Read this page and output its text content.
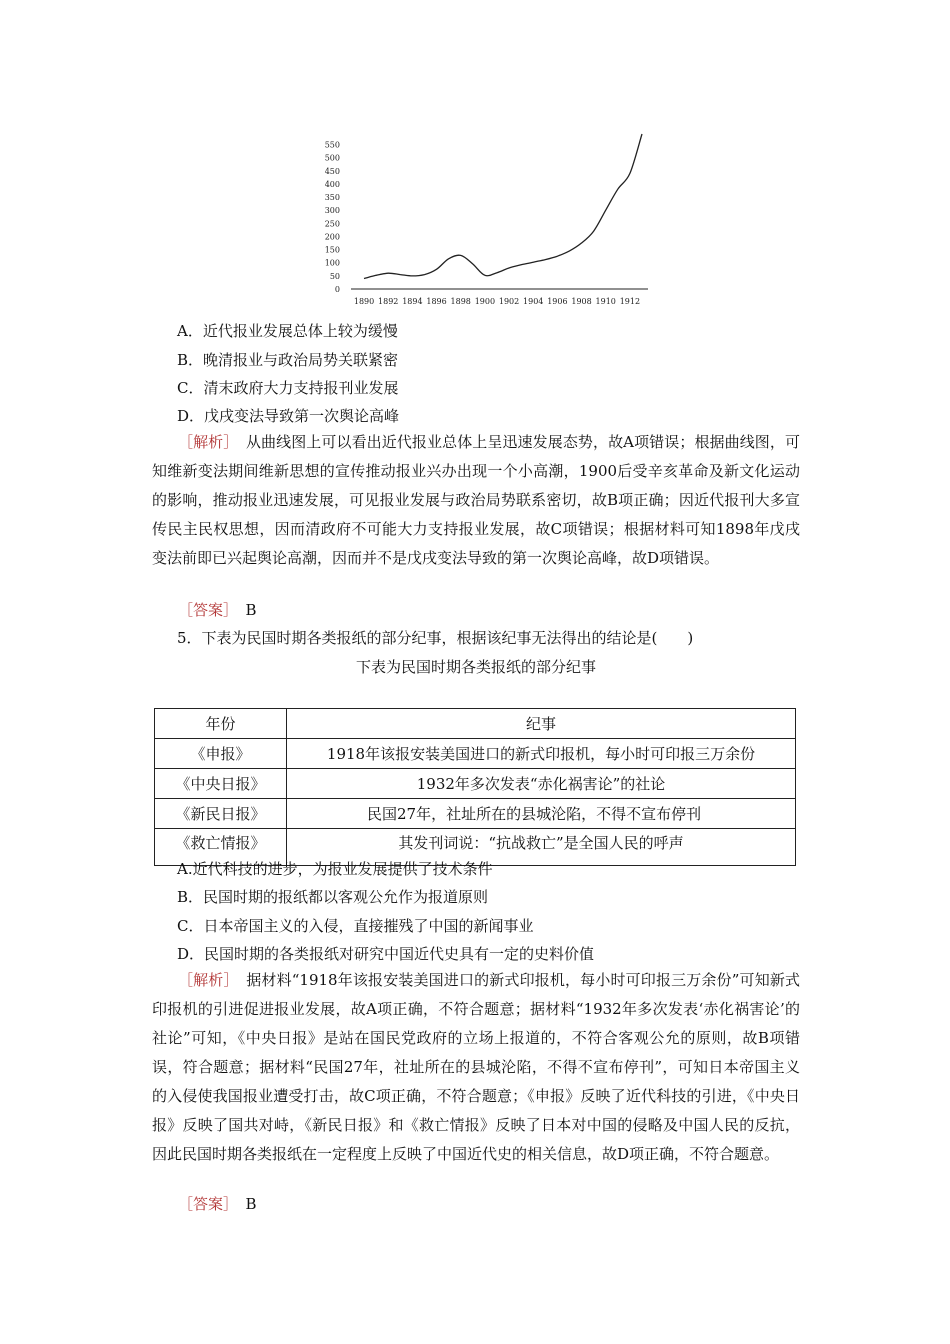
0
50
100
150
200
250
300
350
400
450
500
550
1890 1892 1894 1896 1898 1900 1902 1904 1906 1908 1910 1912
A．近代报业发展总体上较为缓慢
B．晚清报业与政治局势关联紧密
C．清末政府大力支持报刊业发展
D．戊戌变法导致第一次舆论高峰
［解析］　从曲线图上可以看出近代报业总体上呈迅速发展态势，故A项错误；根据曲线图，可知维新变法期间维新思想的宣传推动报业兴办出现一个小高潮，1900后受辛亥革命及新文化运动的影响，推动报业迅速发展，可见报业发展与政治局势联系密切，故B项正确；因近代报刊大多宣传民主民权思想，因而清政府不可能大力支持报业发展，故C项错误；根据材料可知1898年戊戌变法前即已兴起舆论高潮，因而并不是戊戌变法导致的第一次舆论高峰，故D项错误。
［答案］　B
5．下表为民国时期各类报纸的部分纪事，根据该纪事无法得出的结论是(　　)
下表为民国时期各类报纸的部分纪事
年份	纪事
《申报》	1918年该报安装美国进口的新式印报机，每小时可印报三万余份
《中央日报》	1932年多次发表“赤化祸害论”的社论
《新民日报》	民国27年，社址所在的县城沦陷，不得不宣布停刊
《救亡情报》	其发刊词说：“抗战救亡”是全国人民的呼声
A.近代科技的进步，为报业发展提供了技术条件
B．民国时期的报纸都以客观公允作为报道原则
C．日本帝国主义的入侵，直接摧残了中国的新闻事业
D．民国时期的各类报纸对研究中国近代史具有一定的史料价值
［解析］　据材料“1918年该报安装美国进口的新式印报机，每小时可印报三万余份”可知新式印报机的引进促进报业发展，故A项正确，不符合题意；据材料“1932年多次发表‘赤化祸害论’的社论”可知，《中央日报》是站在国民党政府的立场上报道的，不符合客观公允的原则，故B项错误，符合题意；据材料“民国27年，社址所在的县城沦陷，不得不宣布停刊”，可知日本帝国主义的入侵使我国报业遭受打击，故C项正确，不符合题意；《申报》反映了近代科技的引进，《中央日报》反映了国共对峙，《新民日报》和《救亡情报》反映了日本对中国的侵略及中国人民的反抗，因此民国时期各类报纸在一定程度上反映了中国近代史的相关信息，故D项正确，不符合题意。
［答案］　B
